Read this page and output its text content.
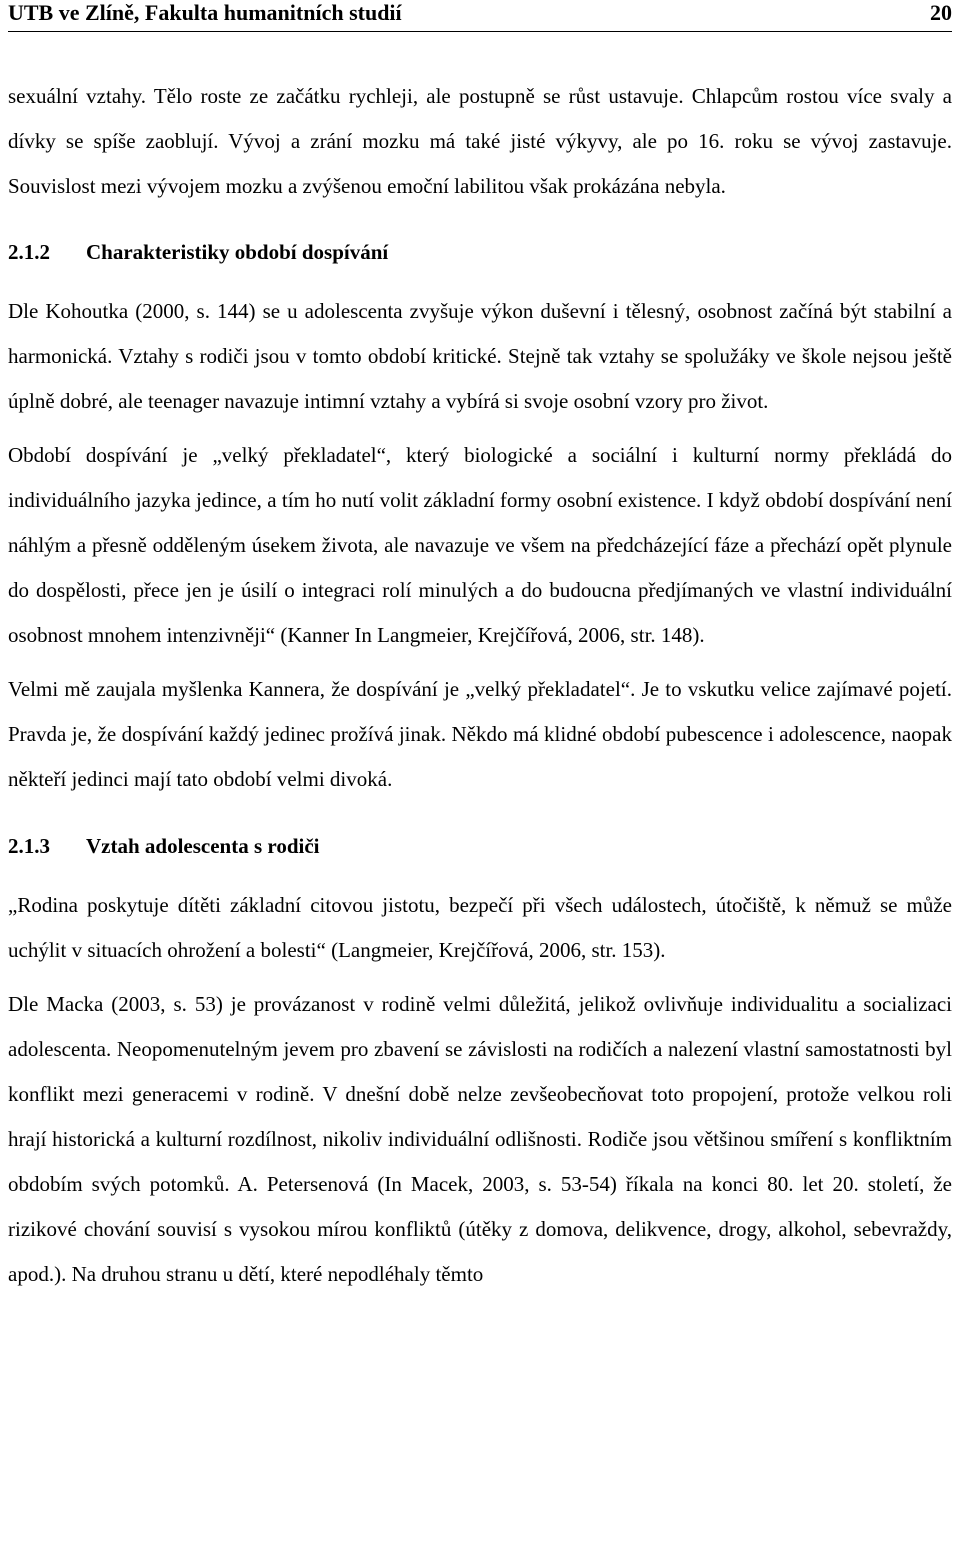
UTB ve Zlíně, Fakulta humanitních studií	20

sexuální vztahy. Tělo roste ze začátku rychleji, ale postupně se růst ustavuje. Chlapcům rostou více svaly a dívky se spíše zaoblují. Vývoj a zrání mozku má také jisté výkyvy, ale po 16. roku se vývoj zastavuje. Souvislost mezi vývojem mozku a zvýšenou emoční labilitou však prokázána nebyla.

2.1.2 Charakteristiky období dospívání

Dle Kohoutka (2000, s. 144) se u adolescenta zvyšuje výkon duševní i tělesný, osobnost začíná být stabilní a harmonická. Vztahy s rodiči jsou v tomto období kritické. Stejně tak vztahy se spolužáky ve škole nejsou ještě úplně dobré, ale teenager navazuje intimní vztahy a vybírá si svoje osobní vzory pro život.

Období dospívání je „velký překladatel“, který biologické a sociální i kulturní normy překládá do individuálního jazyka jedince, a tím ho nutí volit základní formy osobní existence. I když období dospívání není náhlým a přesně odděleným úsekem života, ale navazuje ve všem na předcházející fáze a přechází opět plynule do dospělosti, přece jen je úsilí o integraci rolí minulých a do budoucna předjímaných ve vlastní individuální osobnost mnohem intenzivněji“ (Kanner In Langmeier, Krejčířová, 2006, str. 148).

Velmi mě zaujala myšlenka Kannera, že dospívání je „velký překladatel“. Je to vskutku velice zajímavé pojetí. Pravda je, že dospívání každý jedinec prožívá jinak. Někdo má klidné období pubescence i adolescence, naopak někteří jedinci mají tato období velmi divoká.

2.1.3 Vztah adolescenta s rodiči

„Rodina poskytuje dítěti základní citovou jistotu, bezpečí při všech událostech, útočiště, k němuž se může uchýlit v situacích ohrožení a bolesti“ (Langmeier, Krejčířová, 2006, str. 153).

Dle Macka (2003, s. 53) je provázanost v rodině velmi důležitá, jelikož ovlivňuje individualitu a socializaci adolescenta. Neopomenutelným jevem pro zbavení se závislosti na rodičích a nalezení vlastní samostatnosti byl konflikt mezi generacemi v rodině. V dnešní době nelze zevšeobecňovat toto propojení, protože velkou roli hrají historická a kulturní rozdílnost, nikoliv individuální odlišnosti. Rodiče jsou většinou smíření s konfliktním obdobím svých potomků. A. Petersenová (In Macek, 2003, s. 53-54) říkala na konci 80. let 20. století, že rizikové chování souvisí s vysokou mírou konfliktů (útěky z domova, delikvence, drogy, alkohol, sebevraždy, apod.). Na druhou stranu u dětí, které nepodléhaly těmto
